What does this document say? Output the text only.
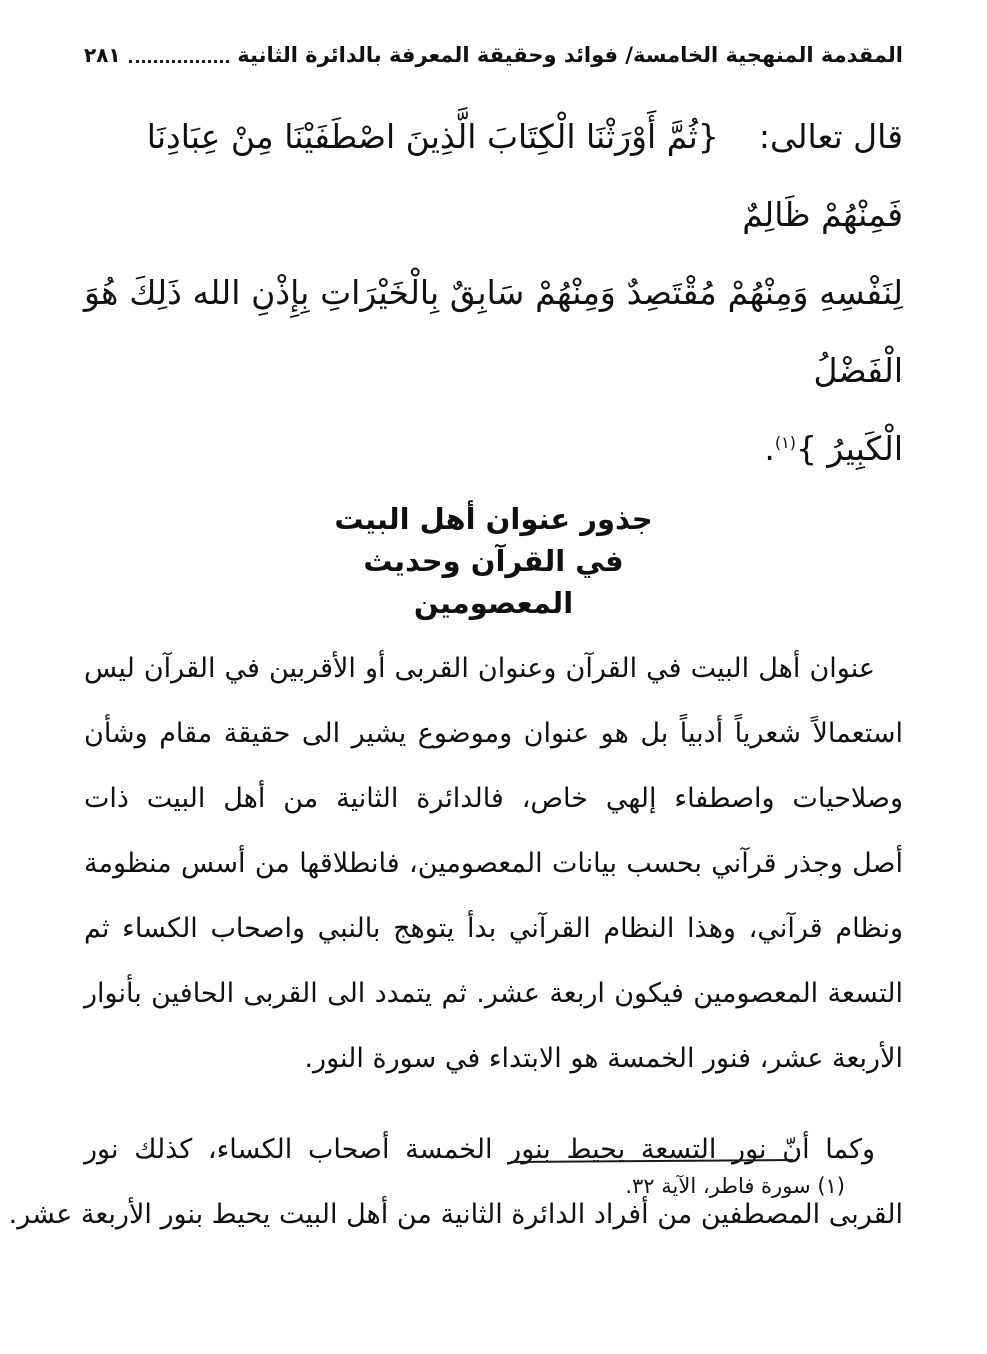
المقدمة المنهجية الخامسة/ فوائد وحقيقة المعرفة بالدائرة الثانية
٢٨١
قال تعالى:{ثُمَّ أَوْرَثْنَا الْكِتَابَ الَّذِينَ اصْطَفَيْنَا مِنْ عِبَادِنَا فَمِنْهُمْ ظَالِمٌ
لِنَفْسِهِ وَمِنْهُمْ مُقْتَصِدٌ وَمِنْهُمْ سَابِقٌ بِالْخَيْرَاتِ بِإِذْنِ الله ذَلِكَ هُوَ الْفَضْلُ
الْكَبِيرُ }$^{(١)}$.
جذور عنوان أهل البيت
في القرآن وحديث
المعصومين
عنوان أهل البيت في القرآن وعنوان القربى أو الأقربين في القرآن ليس
استعمالاً شعرياً أدبياً بل هو عنوان وموضوع يشير الى حقيقة مقام وشأن
وصلاحيات واصطفاء إلهي خاص، فالدائرة الثانية من أهل البيت ذات
أصل وجذر قرآني بحسب بيانات المعصومين، فانطلاقها من أسس منظومة
ونظام قرآني، وهذا النظام القرآني بدأ يتوهج بالنبي واصحاب الكساء ثم
التسعة المعصومين فيكون اربعة عشر. ثم يتمدد الى القربى الحافين بأنوار
الأربعة عشر، فنور الخمسة هو الابتداء في سورة النور.
وكما أنّ نور التسعة يحيط بنور الخمسة أصحاب الكساء، كذلك نور
القربى المصطفين من أفراد الدائرة الثانية من أهل البيت يحيط بنور الأربعة عشر.
(١) سورة فاطر، الآية ٣٢.
